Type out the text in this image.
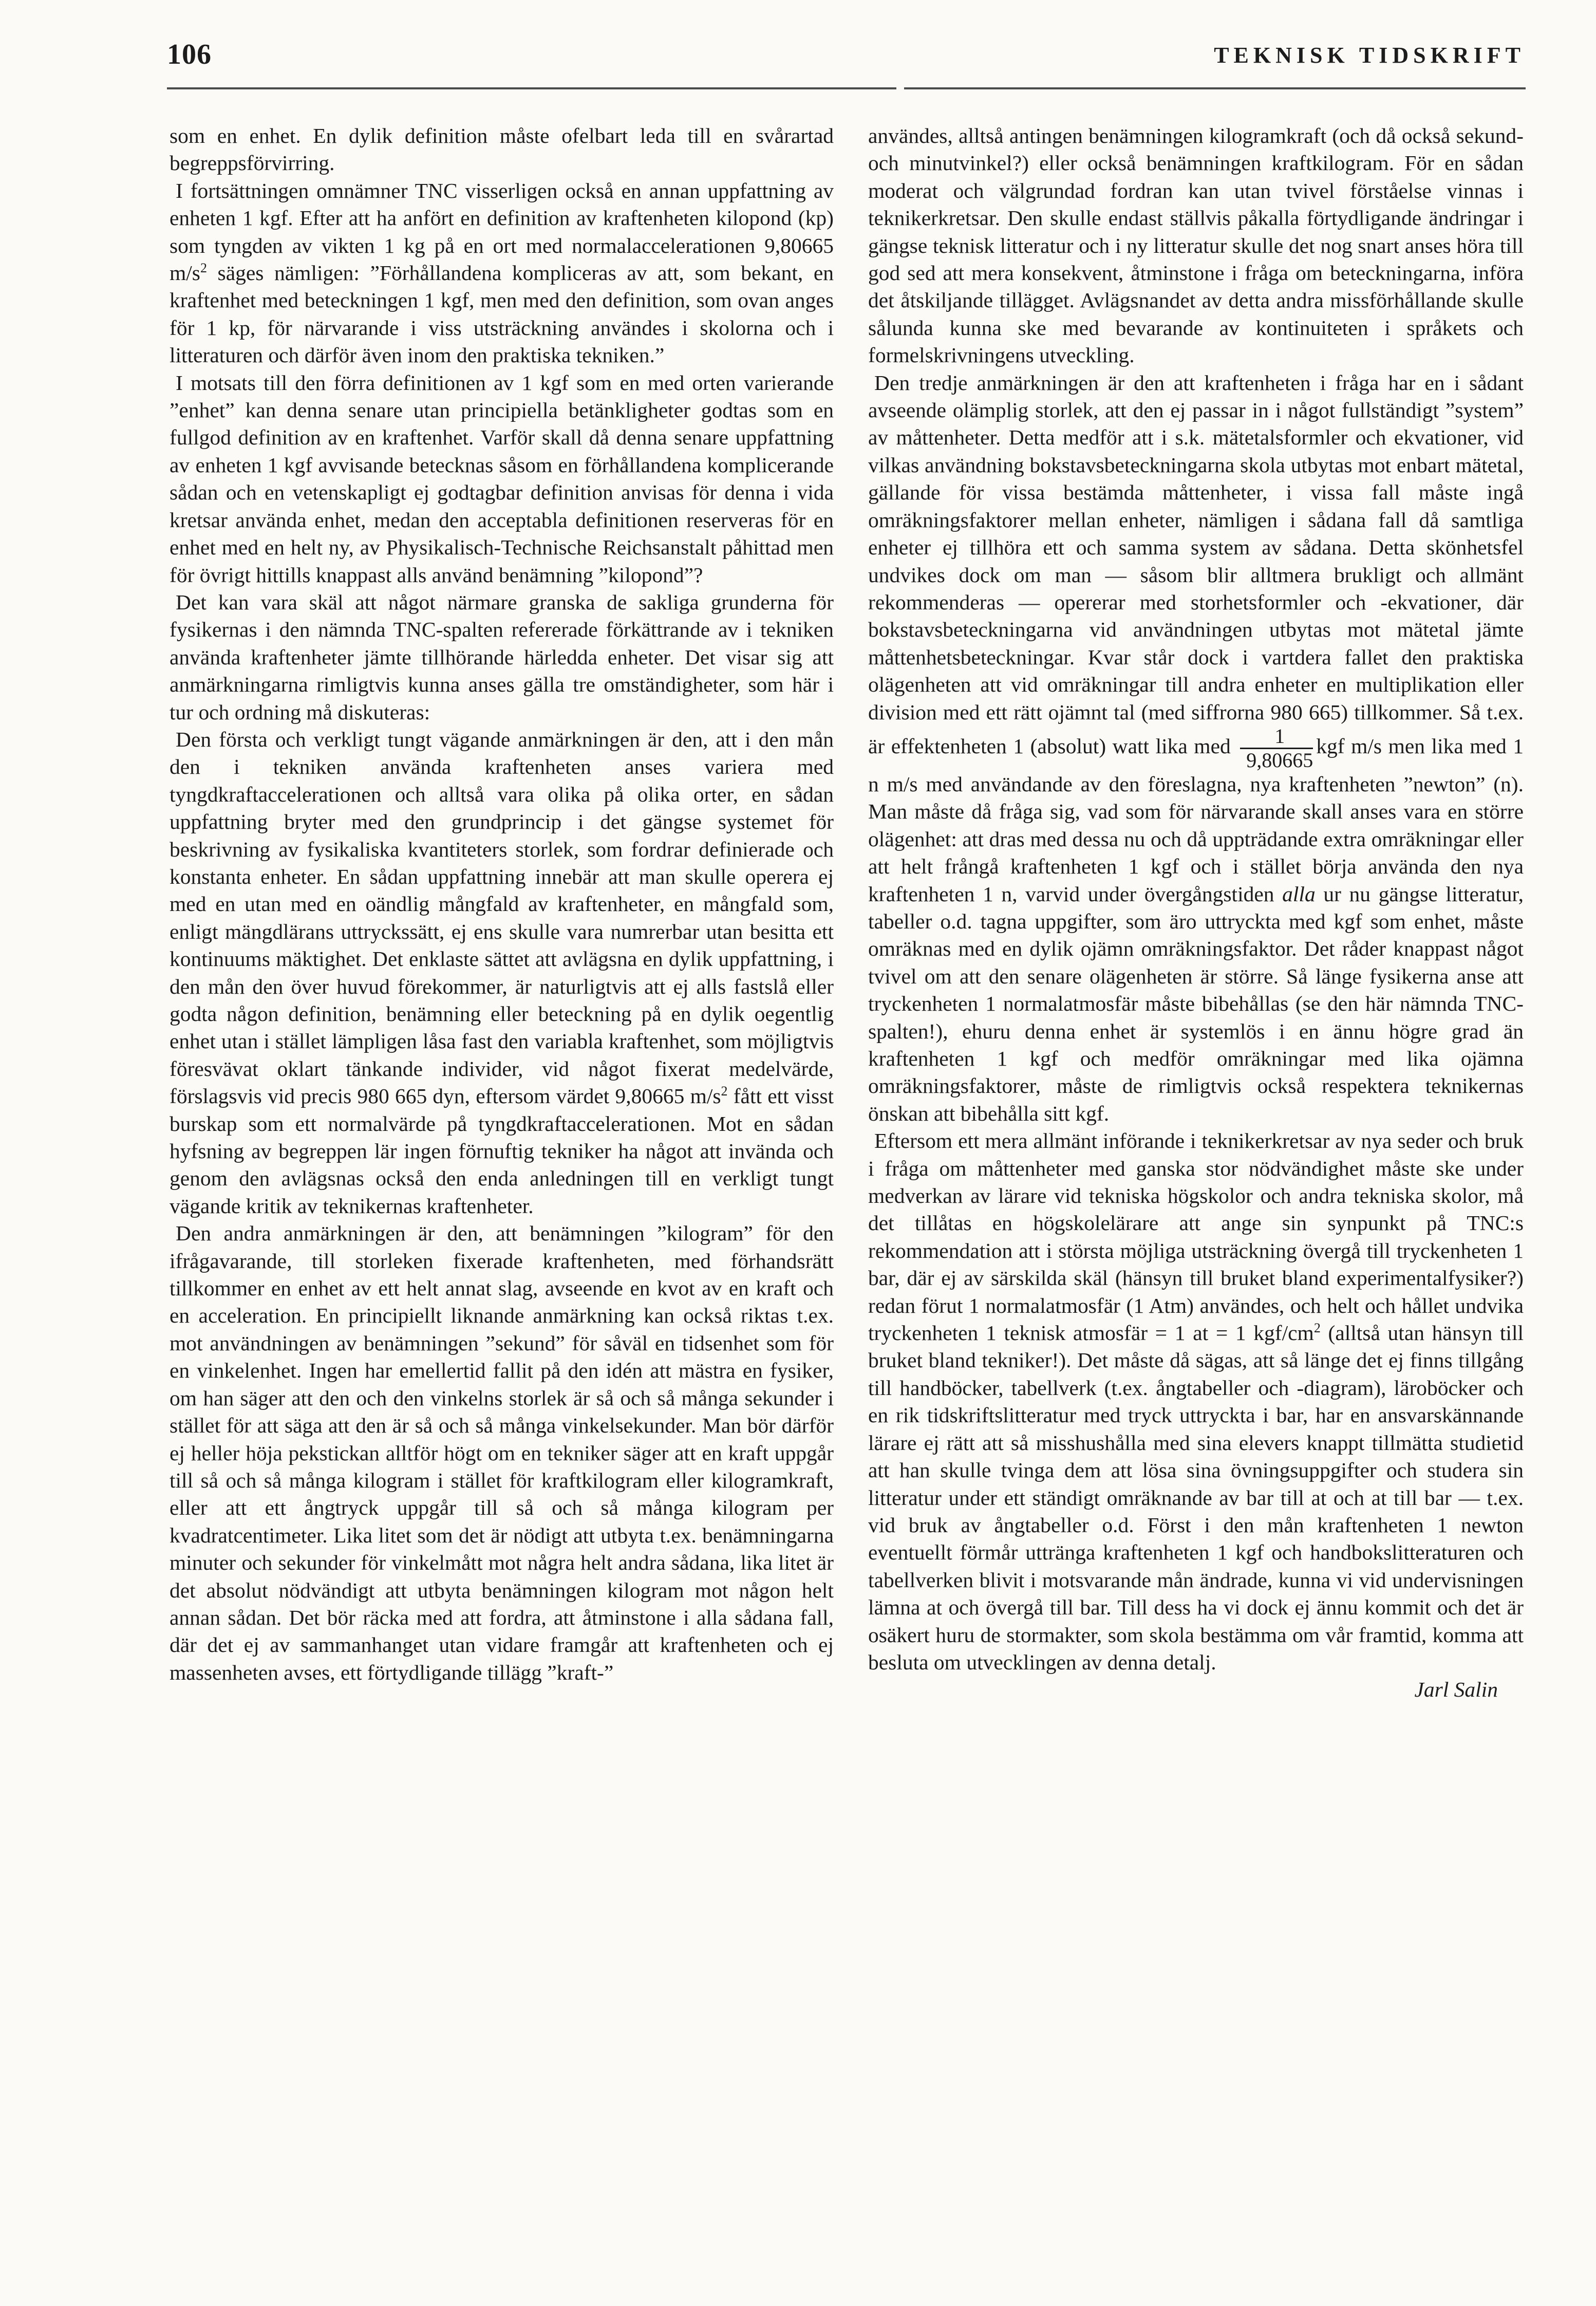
106	TEKNISK TIDSKRIFT

som en enhet. En dylik definition måste ofelbart leda till en svårartad begreppsförvirring.

I fortsättningen omnämner TNC visserligen också en annan uppfattning av enheten 1 kgf. Efter att ha anfört en definition av kraftenheten kilopond (kp) som tyngden av vikten 1 kg på en ort med normalaccelerationen 9,80665 $m/s^2$ säges nämligen: ”Förhållandena kompliceras av att, som bekant, en kraftenhet med beteckningen 1 kgf, men med den definition, som ovan anges för 1 kp, för närvarande i viss utsträckning användes i skolorna och i litteraturen och därför även inom den praktiska tekniken.”

I motsats till den förra definitionen av 1 kgf som en med orten varierande ”enhet” kan denna senare utan principiella betänkligheter godtas som en fullgod definition av en kraftenhet. Varför skall då denna senare uppfattning av enheten 1 kgf avvisande betecknas såsom en förhållandena komplicerande sådan och en vetenskapligt ej godtagbar definition anvisas för denna i vida kretsar använda enhet, medan den acceptabla definitionen reserveras för en enhet med en helt ny, av Physikalisch-Technische Reichsanstalt påhittad men för övrigt hittills knappast alls använd benämning ”kilopond”?

Det kan vara skäl att något närmare granska de sakliga grunderna för fysikernas i den nämnda TNC-spalten refererade förkättrande av i tekniken använda kraftenheter jämte tillhörande härledda enheter. Det visar sig att anmärkningarna rimligtvis kunna anses gälla tre omständigheter, som här i tur och ordning må diskuteras:

Den första och verkligt tungt vägande anmärkningen är den, att i den mån den i tekniken använda kraftenheten anses variera med tyngdkraftaccelerationen och alltså vara olika på olika orter, en sådan uppfattning bryter med den grundprincip i det gängse systemet för beskrivning av fysikaliska kvantiteters storlek, som fordrar definierade och konstanta enheter. En sådan uppfattning innebär att man skulle operera ej med en utan med en oändlig mångfald av kraftenheter, en mångfald som, enligt mängdlärans uttryckssätt, ej ens skulle vara numrerbar utan besitta ett kontinuums mäktighet. Det enklaste sättet att avlägsna en dylik uppfattning, i den mån den över huvud förekommer, är naturligtvis att ej alls fastslå eller godta någon definition, benämning eller beteckning på en dylik oegentlig enhet utan i stället lämpligen låsa fast den variabla kraftenhet, som möjligtvis föresvävat oklart tänkande individer, vid något fixerat medelvärde, förslagsvis vid precis 980 665 dyn, eftersom värdet 9,80665 $m/s^2$ fått ett visst burskap som ett normalvärde på tyngdkraftaccelerationen. Mot en sådan hyfsning av begreppen lär ingen förnuftig tekniker ha något att invända och genom den avlägsnas också den enda anledningen till en verkligt tungt vägande kritik av teknikernas kraftenheter.

Den andra anmärkningen är den, att benämningen ”kilogram” för den ifrågavarande, till storleken fixerade kraftenheten, med förhandsrätt tillkommer en enhet av ett helt annat slag, avseende en kvot av en kraft och en acceleration. En principiellt liknande anmärkning kan också riktas t.ex. mot användningen av benämningen ”sekund” för såväl en tidsenhet som för en vinkelenhet. Ingen har emellertid fallit på den idén att mästra en fysiker, om han säger att den och den vinkelns storlek är så och så många sekunder i stället för att säga att den är så och så många vinkelsekunder. Man bör därför ej heller höja pekstickan alltför högt om en tekniker säger att en kraft uppgår till så och så många kilogram i stället för kraftkilogram eller kilogramkraft, eller att ett ångtryck uppgår till så och så många kilogram per kvadratcentimeter. Lika litet som det är nödigt att utbyta t.ex. benämningarna minuter och sekunder för vinkelmått mot några helt andra sådana, lika litet är det absolut nödvändigt att utbyta benämningen kilogram mot någon helt annan sådan. Det bör räcka med att fordra, att åtminstone i alla sådana fall, där det ej av sammanhanget utan vidare framgår att kraftenheten och ej massenheten avses, ett förtydligande tillägg ”kraft-”

användes, alltså antingen benämningen kilogramkraft (och då också sekund- och minutvinkel?) eller också benämningen kraftkilogram. För en sådan moderat och välgrundad fordran kan utan tvivel förståelse vinnas i teknikerkretsar. Den skulle endast ställvis påkalla förtydligande ändringar i gängse teknisk litteratur och i ny litteratur skulle det nog snart anses höra till god sed att mera konsekvent, åtminstone i fråga om beteckningarna, införa det åtskiljande tillägget. Avlägsnandet av detta andra missförhållande skulle sålunda kunna ske med bevarande av kontinuiteten i språkets och formelskrivningens utveckling.

Den tredje anmärkningen är den att kraftenheten i fråga har en i sådant avseende olämplig storlek, att den ej passar in i något fullständigt ”system” av måttenheter. Detta medför att i s.k. mätetalsformler och ekvationer, vid vilkas användning bokstavsbeteckningarna skola utbytas mot enbart mätetal, gällande för vissa bestämda måttenheter, i vissa fall måste ingå omräkningsfaktorer mellan enheter, nämligen i sådana fall då samtliga enheter ej tillhöra ett och samma system av sådana. Detta skönhetsfel undvikes dock om man — såsom blir alltmera brukligt och allmänt rekommenderas — opererar med storhetsformler och -ekvationer, där bokstavsbeteckningarna vid användningen utbytas mot mätetal jämte måttenhetsbeteckningar. Kvar står dock i vartdera fallet den praktiska olägenheten att vid omräkningar till andra enheter en multiplikation eller division med ett rätt ojämnt tal (med siffrorna 980 665) tillkommer. Så t.ex. är effektenheten 1 (absolut) watt lika med $\frac{1}{9,80665}$ kgf m/s men lika med 1 n m/s med användande av den föreslagna, nya kraftenheten ”newton” (n). Man måste då fråga sig, vad som för närvarande skall anses vara en större olägenhet: att dras med dessa nu och då uppträdande extra omräkningar eller att helt frångå kraftenheten 1 kgf och i stället börja använda den nya kraftenheten 1 n, varvid under övergångstiden alla ur nu gängse litteratur, tabeller o.d. tagna uppgifter, som äro uttryckta med kgf som enhet, måste omräknas med en dylik ojämn omräkningsfaktor. Det råder knappast något tvivel om att den senare olägenheten är större. Så länge fysikerna anse att tryckenheten 1 normalatmosfär måste bibehållas (se den här nämnda TNC-spalten!), ehuru denna enhet är systemlös i en ännu högre grad än kraftenheten 1 kgf och medför omräkningar med lika ojämna omräkningsfaktorer, måste de rimligtvis också respektera teknikernas önskan att bibehålla sitt kgf.

Eftersom ett mera allmänt införande i teknikerkretsar av nya seder och bruk i fråga om måttenheter med ganska stor nödvändighet måste ske under medverkan av lärare vid tekniska högskolor och andra tekniska skolor, må det tillåtas en högskolelärare att ange sin synpunkt på TNC:s rekommendation att i största möjliga utsträckning övergå till tryckenheten 1 bar, där ej av särskilda skäl (hänsyn till bruket bland experimentalfysiker?) redan förut 1 normalatmosfär (1 Atm) användes, och helt och hållet undvika tryckenheten 1 teknisk atmosfär = 1 at = 1 kgf/$cm^2$ (alltså utan hänsyn till bruket bland tekniker!). Det måste då sägas, att så länge det ej finns tillgång till handböcker, tabellverk (t.ex. ångtabeller och -diagram), läroböcker och en rik tidskriftslitteratur med tryck uttryckta i bar, har en ansvarskännande lärare ej rätt att så misshushålla med sina elevers knappt tillmätta studietid att han skulle tvinga dem att lösa sina övningsuppgifter och studera sin litteratur under ett ständigt omräknande av bar till at och at till bar — t.ex. vid bruk av ångtabeller o.d. Först i den mån kraftenheten 1 newton eventuellt förmår uttränga kraftenheten 1 kgf och handbokslitteraturen och tabellverken blivit i motsvarande mån ändrade, kunna vi vid undervisningen lämna at och övergå till bar. Till dess ha vi dock ej ännu kommit och det är osäkert huru de stormakter, som skola bestämma om vår framtid, komma att besluta om utvecklingen av denna detalj.

Jarl Salin
